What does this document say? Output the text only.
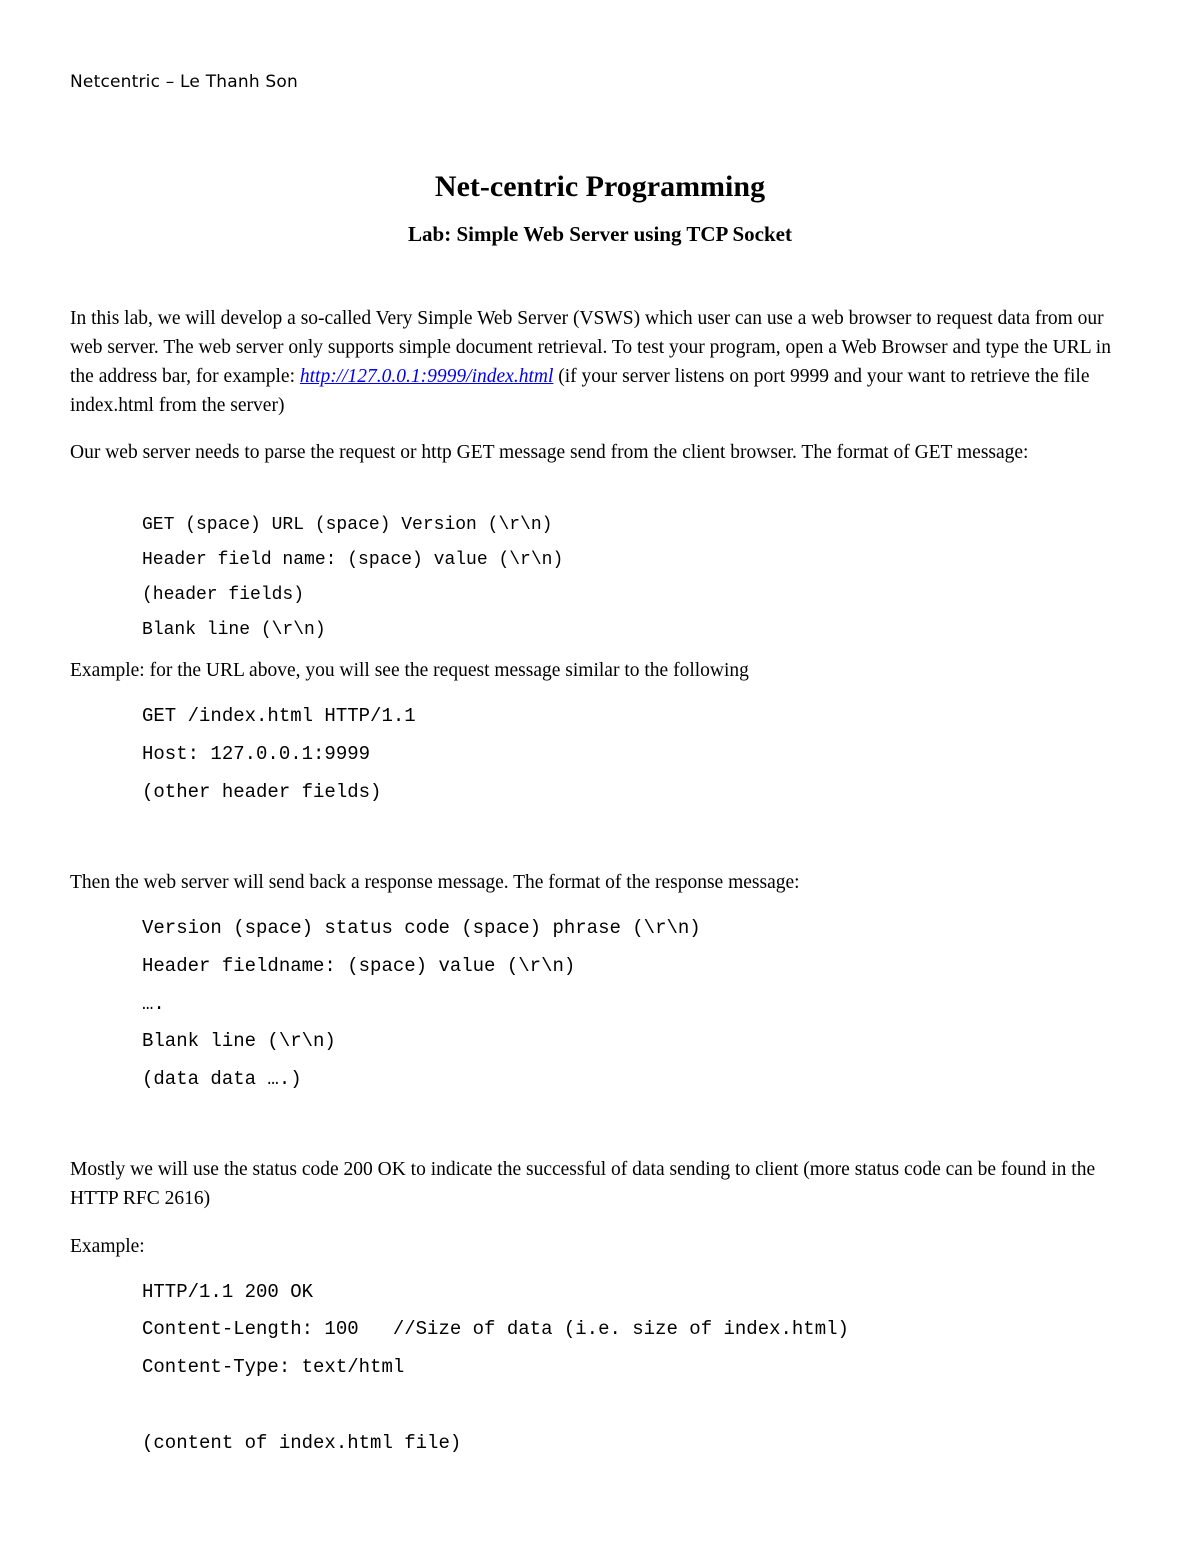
Netcentric – Le Thanh Son
Net-centric Programming
Lab: Simple Web Server using TCP Socket

In this lab, we will develop a so-called Very Simple Web Server (VSWS) which user can use a web browser to request data from our web server. The web server only supports simple document retrieval. To test your program, open a Web Browser and type the URL in the address bar, for example: http://127.0.0.1:9999/index.html (if your server listens on port 9999 and your want to retrieve the file index.html from the server)

Our web server needs to parse the request or http GET message send from the client browser. The format of GET message:

GET (space) URL (space) Version (\r\n)
Header field name: (space) value (\r\n)
(header fields)
Blank line (\r\n)

Example: for the URL above, you will see the request message similar to the following

GET /index.html HTTP/1.1
Host: 127.0.0.1:9999
(other header fields)

Then the web server will send back a response message. The format of the response message:

Version (space) status code (space) phrase (\r\n)
Header fieldname: (space) value (\r\n)
….
Blank line (\r\n)
(data data ….)

Mostly we will use the status code 200 OK to indicate the successful of data sending to client (more status code can be found in the HTTP RFC 2616)

Example:

HTTP/1.1 200 OK
Content-Length: 100   //Size of data (i.e. size of index.html)
Content-Type: text/html
(content of index.html file)
